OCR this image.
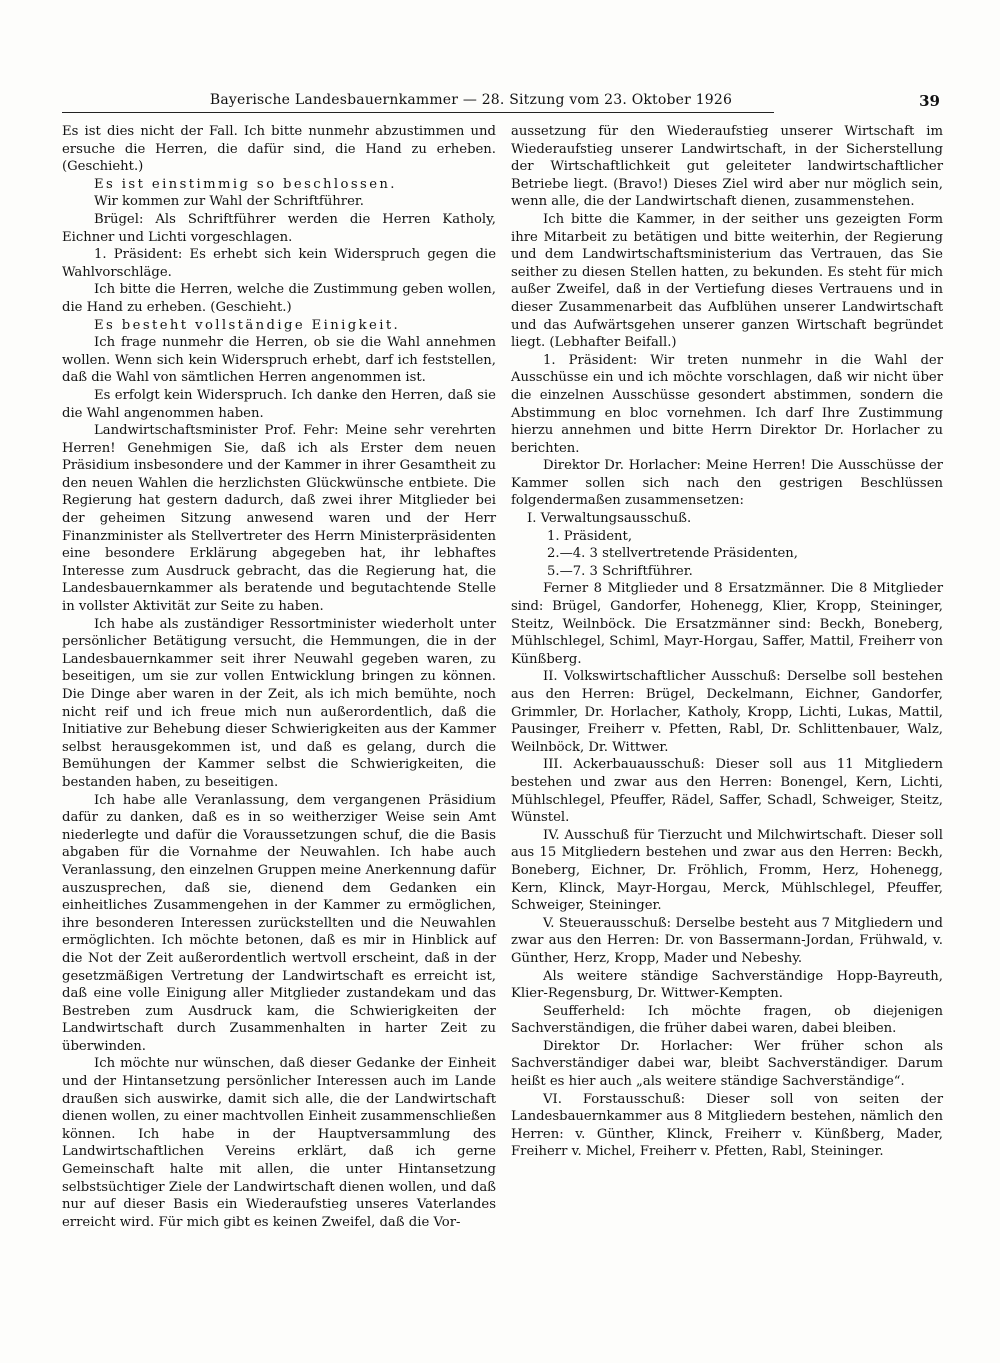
Bayerische Landesbauernkammer — 28. Sitzung vom 23. Oktober 1926	39

Es ist dies nicht der Fall. Ich bitte nunmehr abzustimmen und ersuche die Herren, die dafür sind, die Hand zu erheben. (Geschieht.)

Es ist einstimmig so beschlossen.

Wir kommen zur Wahl der Schriftführer.

Brügel: Als Schriftführer werden die Herren Katholy, Eichner und Lichti vorgeschlagen.

1. Präsident: Es erhebt sich kein Widerspruch gegen die Wahlvorschläge.

Ich bitte die Herren, welche die Zustimmung geben wollen, die Hand zu erheben. (Geschieht.)

Es besteht vollständige Einigkeit.

Ich frage nunmehr die Herren, ob sie die Wahl annehmen wollen. Wenn sich kein Widerspruch erhebt, darf ich feststellen, daß die Wahl von sämtlichen Herren angenommen ist.

Es erfolgt kein Widerspruch. Ich danke den Herren, daß sie die Wahl angenommen haben.

Landwirtschaftsminister Prof. Fehr: Meine sehr verehrten Herren! Genehmigen Sie, daß ich als Erster dem neuen Präsidium insbesondere und der Kammer in ihrer Gesamtheit zu den neuen Wahlen die herzlichsten Glückwünsche entbiete. Die Regierung hat gestern dadurch, daß zwei ihrer Mitglieder bei der geheimen Sitzung anwesend waren und der Herr Finanzminister als Stellvertreter des Herrn Ministerpräsidenten eine besondere Erklärung abgegeben hat, ihr lebhaftes Interesse zum Ausdruck gebracht, das die Regierung hat, die Landesbauernkammer als beratende und begutachtende Stelle in vollster Aktivität zur Seite zu haben.

Ich habe als zuständiger Ressortminister wiederholt unter persönlicher Betätigung versucht, die Hemmungen, die in der Landesbauernkammer seit ihrer Neuwahl gegeben waren, zu beseitigen, um sie zur vollen Entwicklung bringen zu können. Die Dinge aber waren in der Zeit, als ich mich bemühte, noch nicht reif und ich freue mich nun außerordentlich, daß die Initiative zur Behebung dieser Schwierigkeiten aus der Kammer selbst herausgekommen ist, und daß es gelang, durch die Bemühungen der Kammer selbst die Schwierigkeiten, die bestanden haben, zu beseitigen.

Ich habe alle Veranlassung, dem vergangenen Präsidium dafür zu danken, daß es in so weitherziger Weise sein Amt niederlegte und dafür die Voraussetzungen schuf, die die Basis abgaben für die Vornahme der Neuwahlen. Ich habe auch Veranlassung, den einzelnen Gruppen meine Anerkennung dafür auszusprechen, daß sie, dienend dem Gedanken ein einheitliches Zusammengehen in der Kammer zu ermöglichen, ihre besonderen Interessen zurückstellten und die Neuwahlen ermöglichten. Ich möchte betonen, daß es mir in Hinblick auf die Not der Zeit außerordentlich wertvoll erscheint, daß in der gesetzmäßigen Vertretung der Landwirtschaft es erreicht ist, daß eine volle Einigung aller Mitglieder zustandekam und das Bestreben zum Ausdruck kam, die Schwierigkeiten der Landwirtschaft durch Zusammenhalten in harter Zeit zu überwinden.

Ich möchte nur wünschen, daß dieser Gedanke der Einheit und der Hintansetzung persönlicher Interessen auch im Lande draußen sich auswirke, damit sich alle, die der Landwirtschaft dienen wollen, zu einer machtvollen Einheit zusammenschließen können. Ich habe in der Hauptversammlung des Landwirtschaftlichen Vereins erklärt, daß ich gerne Gemeinschaft halte mit allen, die unter Hintansetzung selbstsüchtiger Ziele der Landwirtschaft dienen wollen, und daß nur auf dieser Basis ein Wiederaufstieg unseres Vaterlandes erreicht wird. Für mich gibt es keinen Zweifel, daß die Vor-

aussetzung für den Wiederaufstieg unserer Wirtschaft im Wiederaufstieg unserer Landwirtschaft, in der Sicherstellung der Wirtschaftlichkeit gut geleiteter landwirtschaftlicher Betriebe liegt. (Bravo!) Dieses Ziel wird aber nur möglich sein, wenn alle, die der Landwirtschaft dienen, zusammenstehen.

Ich bitte die Kammer, in der seither uns gezeigten Form ihre Mitarbeit zu betätigen und bitte weiterhin, der Regierung und dem Landwirtschaftsministerium das Vertrauen, das Sie seither zu diesen Stellen hatten, zu bekunden. Es steht für mich außer Zweifel, daß in der Vertiefung dieses Vertrauens und in dieser Zusammenarbeit das Aufblühen unserer Landwirtschaft und das Aufwärtsgehen unserer ganzen Wirtschaft begründet liegt. (Lebhafter Beifall.)

1. Präsident: Wir treten nunmehr in die Wahl der Ausschüsse ein und ich möchte vorschlagen, daß wir nicht über die einzelnen Ausschüsse gesondert abstimmen, sondern die Abstimmung en bloc vornehmen. Ich darf Ihre Zustimmung hierzu annehmen und bitte Herrn Direktor Dr. Horlacher zu berichten.

Direktor Dr. Horlacher: Meine Herren! Die Ausschüsse der Kammer sollen sich nach den gestrigen Beschlüssen folgendermaßen zusammensetzen:

I. Verwaltungsausschuß.

1. Präsident,

2.—4. 3 stellvertretende Präsidenten,

5.—7. 3 Schriftführer.

Ferner 8 Mitglieder und 8 Ersatzmänner. Die 8 Mitglieder sind: Brügel, Gandorfer, Hohenegg, Klier, Kropp, Steininger, Steitz, Weilnböck. Die Ersatzmänner sind: Beckh, Boneberg, Mühlschlegel, Schiml, Mayr-Horgau, Saffer, Mattil, Freiherr von Künßberg.

II. Volkswirtschaftlicher Ausschuß: Derselbe soll bestehen aus den Herren: Brügel, Deckelmann, Eichner, Gandorfer, Grimmler, Dr. Horlacher, Katholy, Kropp, Lichti, Lukas, Mattil, Pausinger, Freiherr v. Pfetten, Rabl, Dr. Schlittenbauer, Walz, Weilnböck, Dr. Wittwer.

III. Ackerbauausschuß: Dieser soll aus 11 Mitgliedern bestehen und zwar aus den Herren: Bonengel, Kern, Lichti, Mühlschlegel, Pfeuffer, Rädel, Saffer, Schadl, Schweiger, Steitz, Wünstel.

IV. Ausschuß für Tierzucht und Milchwirtschaft. Dieser soll aus 15 Mitgliedern bestehen und zwar aus den Herren: Beckh, Boneberg, Eichner, Dr. Fröhlich, Fromm, Herz, Hohenegg, Kern, Klinck, Mayr-Horgau, Merck, Mühlschlegel, Pfeuffer, Schweiger, Steininger.

V. Steuerausschuß: Derselbe besteht aus 7 Mitgliedern und zwar aus den Herren: Dr. von Bassermann-Jordan, Frühwald, v. Günther, Herz, Kropp, Mader und Nebeshy.

Als weitere ständige Sachverständige Hopp-Bayreuth, Klier-Regensburg, Dr. Wittwer-Kempten.

Seufferheld: Ich möchte fragen, ob diejenigen Sachverständigen, die früher dabei waren, dabei bleiben.

Direktor Dr. Horlacher: Wer früher schon als Sachverständiger dabei war, bleibt Sachverständiger. Darum heißt es hier auch „als weitere ständige Sachverständige“.

VI. Forstausschuß: Dieser soll von seiten der Landesbauernkammer aus 8 Mitgliedern bestehen, nämlich den Herren: v. Günther, Klinck, Freiherr v. Künßberg, Mader, Freiherr v. Michel, Freiherr v. Pfetten, Rabl, Steininger.
